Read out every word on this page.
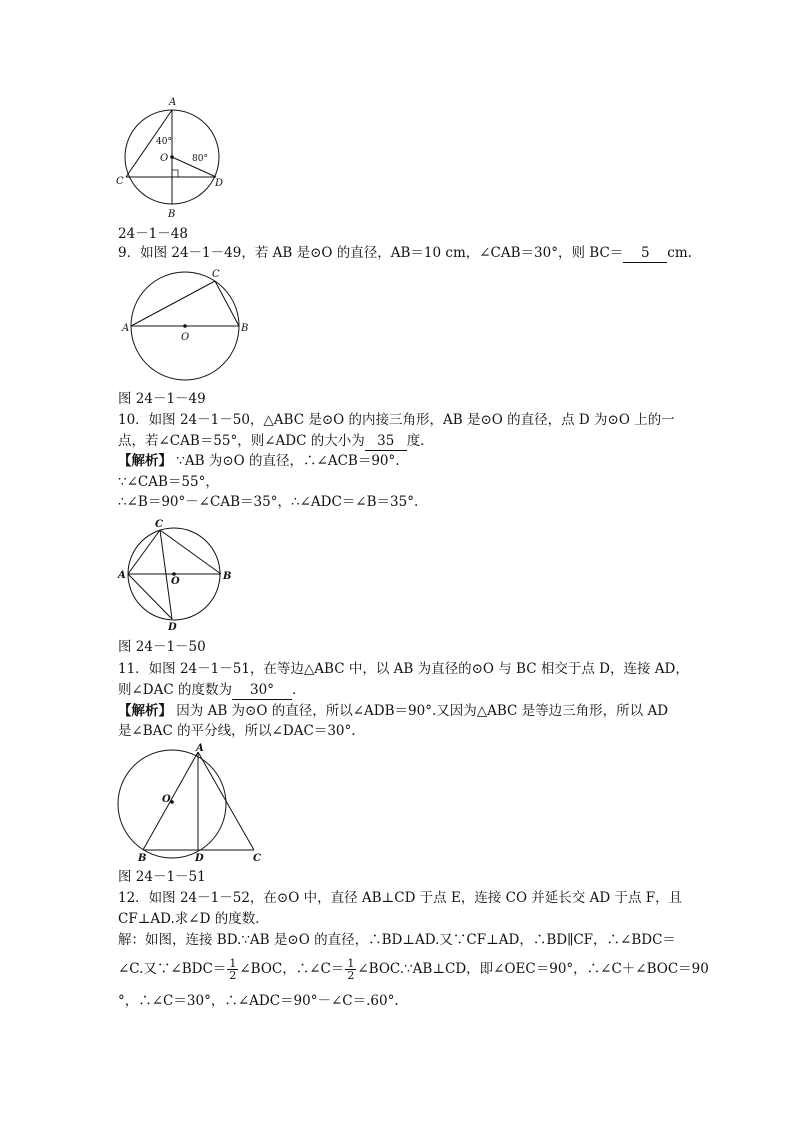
A
B
C	D
O
40°
80°
24－1－48
9．如图 24－1－49，若 AB 是⊙O 的直径，AB＝10 cm，∠CAB＝30°，则 BC＝ 5 cm.
A	B
C
O
图 24－1－49
10．如图 24－1－50，△ABC 是⊙O 的内接三角形，AB 是⊙O 的直径，点 D 为⊙O 上的一
点，若∠CAB＝55°，则∠ADC 的大小为 35 度．
【解析】 ∵AB 为⊙O 的直径，∴∠ACB＝90°.
∵∠CAB＝55°，
∴∠B＝90°－∠CAB＝35°，∴∠ADC＝∠B＝35°.
A	B
C
D
O
图 24－1－50
11．如图 24－1－51，在等边△ABC 中，以 AB 为直径的⊙O 与 BC 相交于点 D，连接 AD，
则∠DAC 的度数为 30° ．
【解析】 因为 AB 为⊙O 的直径，所以∠ADB＝90°.又因为△ABC 是等边三角形，所以 AD
是∠BAC 的平分线，所以∠DAC＝30°.
A
B	C
D
O
图 24－1－51
12．如图 24－1－52，在⊙O 中，直径 AB⊥CD 于点 E，连接 CO 并延长交 AD 于点 F，且
CF⊥AD.求∠D 的度数．
解：如图，连接 BD.∵AB 是⊙O 的直径，∴BD⊥AD.又∵CF⊥AD，∴BD∥CF，∴∠BDC＝
∠C.又∵∠BDC＝ $\frac{1}{2}$ ∠BOC，∴∠C＝ $\frac{1}{2}$ ∠BOC.∵AB⊥CD，即∠OEC＝90°，∴∠C＋∠BOC＝90
°，∴∠C＝30°，∴∠ADC＝90°－∠C＝.60°.
